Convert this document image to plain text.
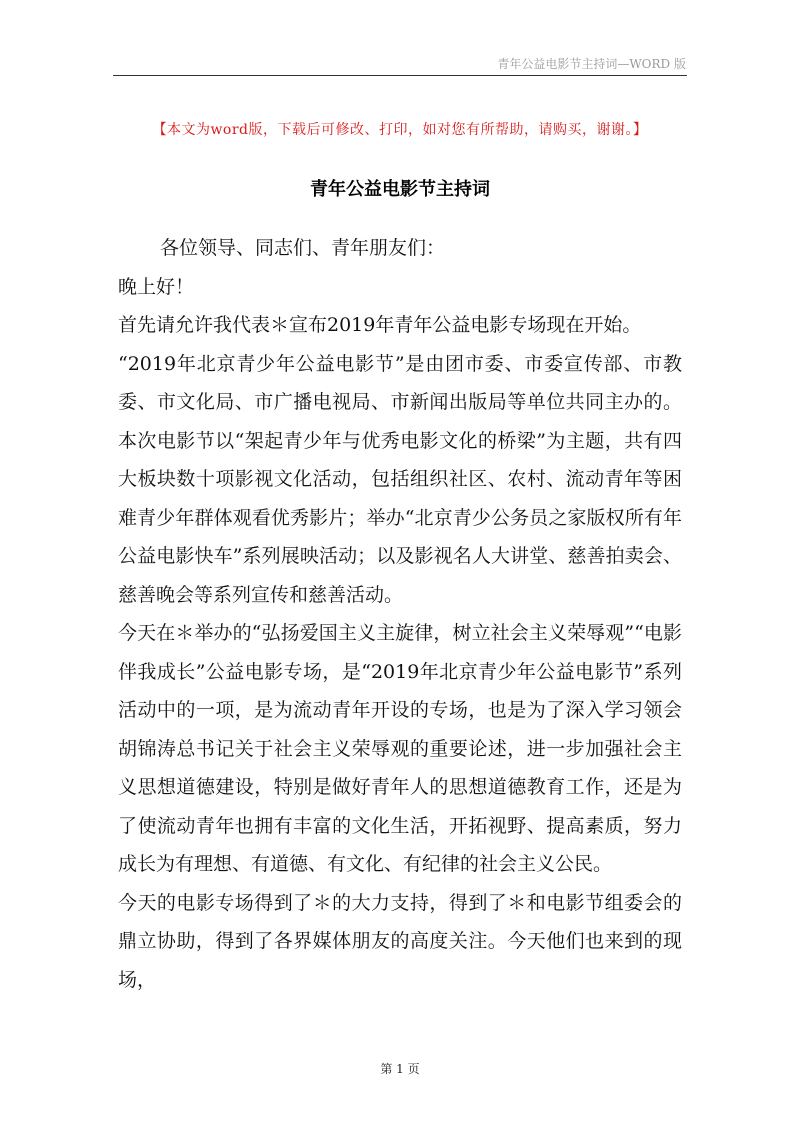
青年公益电影节主持词—WORD 版
【本文为word版，下载后可修改、打印，如对您有所帮助，请购买，谢谢。】
青年公益电影节主持词

各位领导、同志们、青年朋友们：

晚上好！

首先请允许我代表＊宣布2019年青年公益电影专场现在开始。

“2019年北京青少年公益电影节”是由团市委、市委宣传部、市教委、市文化局、市广播电视局、市新闻出版局等单位共同主办的。本次电影节以“架起青少年与优秀电影文化的桥梁”为主题，共有四大板块数十项影视文化活动，包括组织社区、农村、流动青年等困难青少年群体观看优秀影片；举办“北京青少公务员之家版权所有年公益电影快车”系列展映活动；以及影视名人大讲堂、慈善拍卖会、慈善晚会等系列宣传和慈善活动。

今天在＊举办的“弘扬爱国主义主旋律，树立社会主义荣辱观”“电影伴我成长”公益电影专场，是“2019年北京青少年公益电影节”系列活动中的一项，是为流动青年开设的专场，也是为了深入学习领会胡锦涛总书记关于社会主义荣辱观的重要论述，进一步加强社会主义思想道德建设，特别是做好青年人的思想道德教育工作，还是为了使流动青年也拥有丰富的文化生活，开拓视野、提高素质，努力成长为有理想、有道德、有文化、有纪律的社会主义公民。

今天的电影专场得到了＊的大力支持，得到了＊和电影节组委会的鼎立协助，得到了各界媒体朋友的高度关注。今天他们也来到的现场，

第 1 页
